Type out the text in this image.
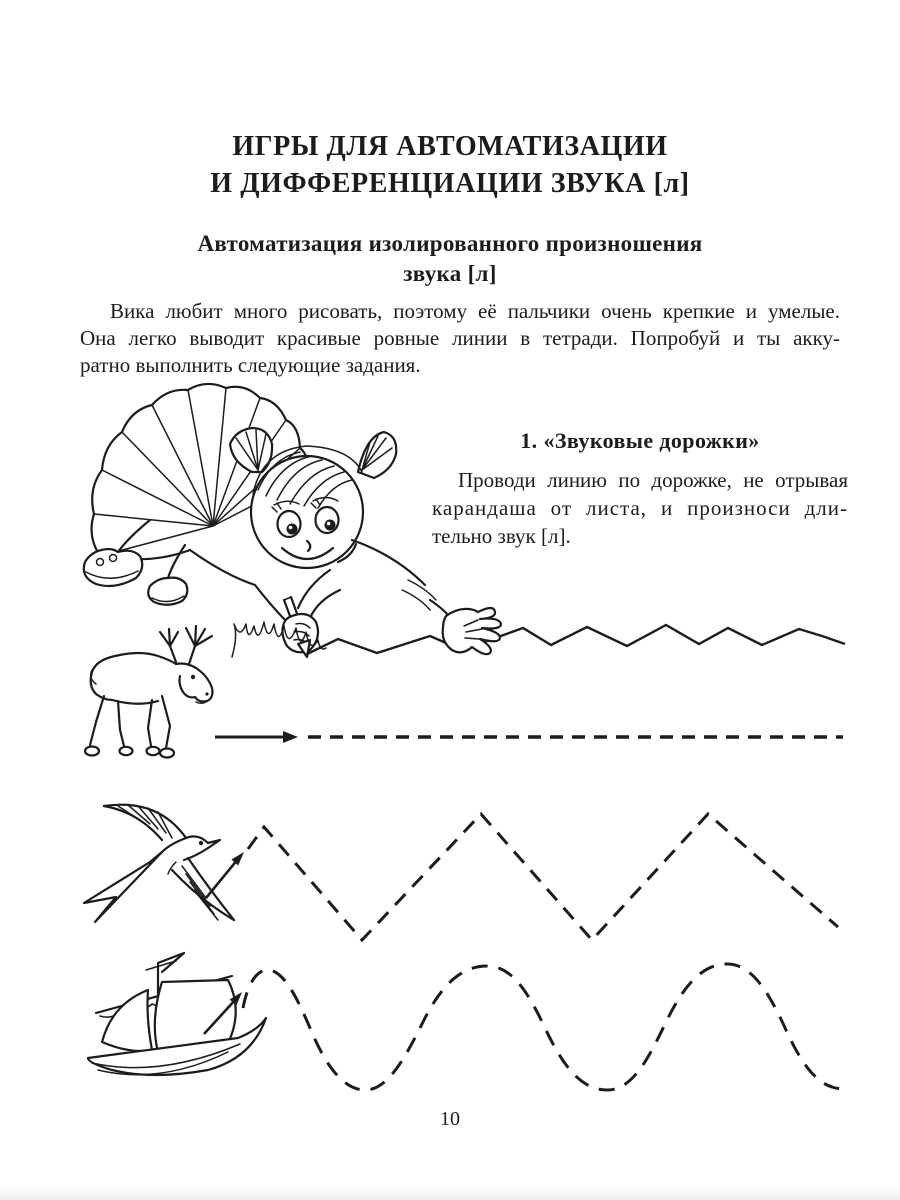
ИГРЫ ДЛЯ АВТОМАТИЗАЦИИ
И ДИФФЕРЕНЦИАЦИИ ЗВУКА [л]
Автоматизация изолированного произношения
звука [л]
Вика любит много рисовать, поэтому её пальчики очень крепкие и умелые.
Она легко выводит красивые ровные линии в тетради. Попробуй и ты акку-
ратно выполнить следующие задания.
1. «Звуковые дорожки»
Проводи линию по дорожке, не отрывая
карандаша от листа, и произноси дли-
тельно звук [л].
10
